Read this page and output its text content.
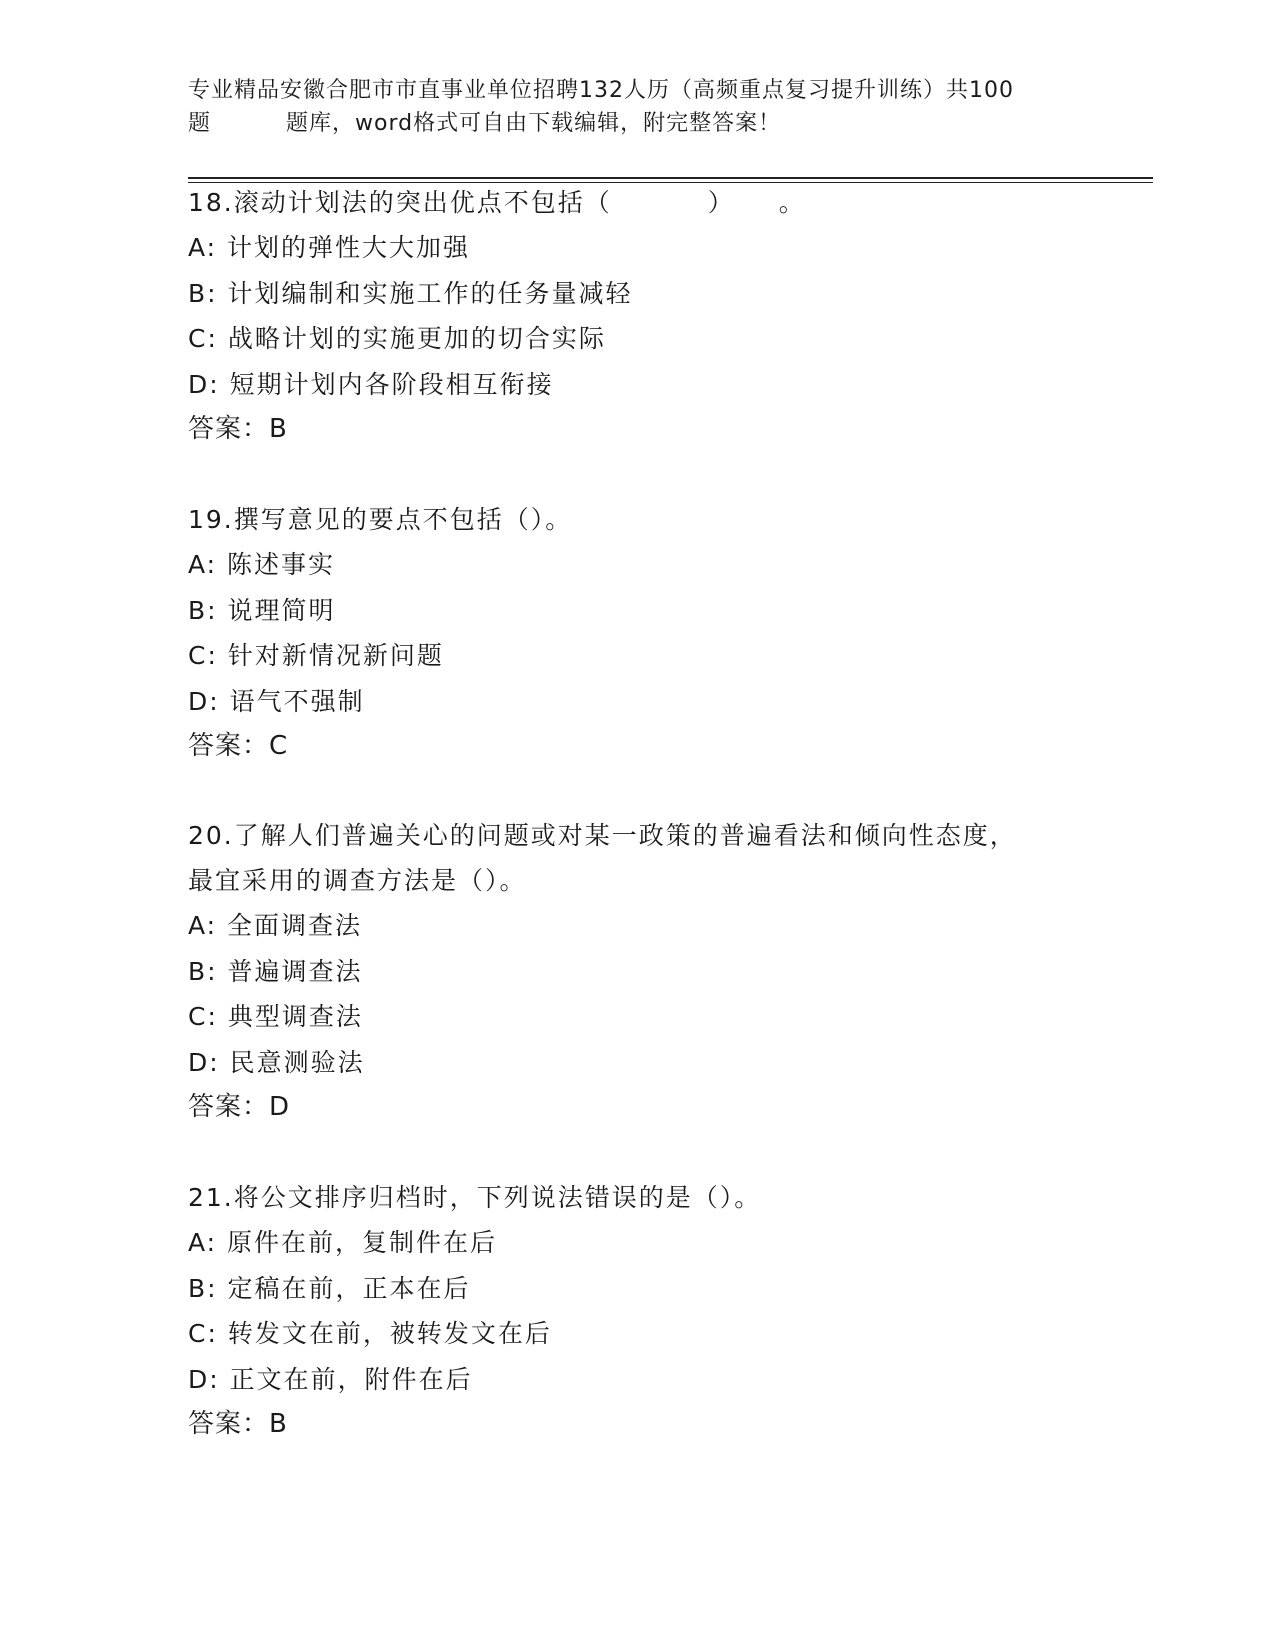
专业精品安徽合肥市市直事业单位招聘132人历（高频重点复习提升训练）共100
题	题库，word格式可自由下载编辑，附完整答案！
18.滚动计划法的突出优点不包括（	） 。
A: 计划的弹性大大加强
B: 计划编制和实施工作的任务量减轻
C: 战略计划的实施更加的切合实际
D: 短期计划内各阶段相互衔接
答案：B
19.撰写意见的要点不包括（）。
A: 陈述事实
B: 说理简明
C: 针对新情况新问题
D: 语气不强制
答案：C
20.了解人们普遍关心的问题或对某一政策的普遍看法和倾向性态度，
最宜采用的调查方法是（）。
A: 全面调查法
B: 普遍调查法
C: 典型调查法
D: 民意测验法
答案：D
21.将公文排序归档时，下列说法错误的是（）。
A: 原件在前，复制件在后
B: 定稿在前，正本在后
C: 转发文在前，被转发文在后
D: 正文在前，附件在后
答案：B
